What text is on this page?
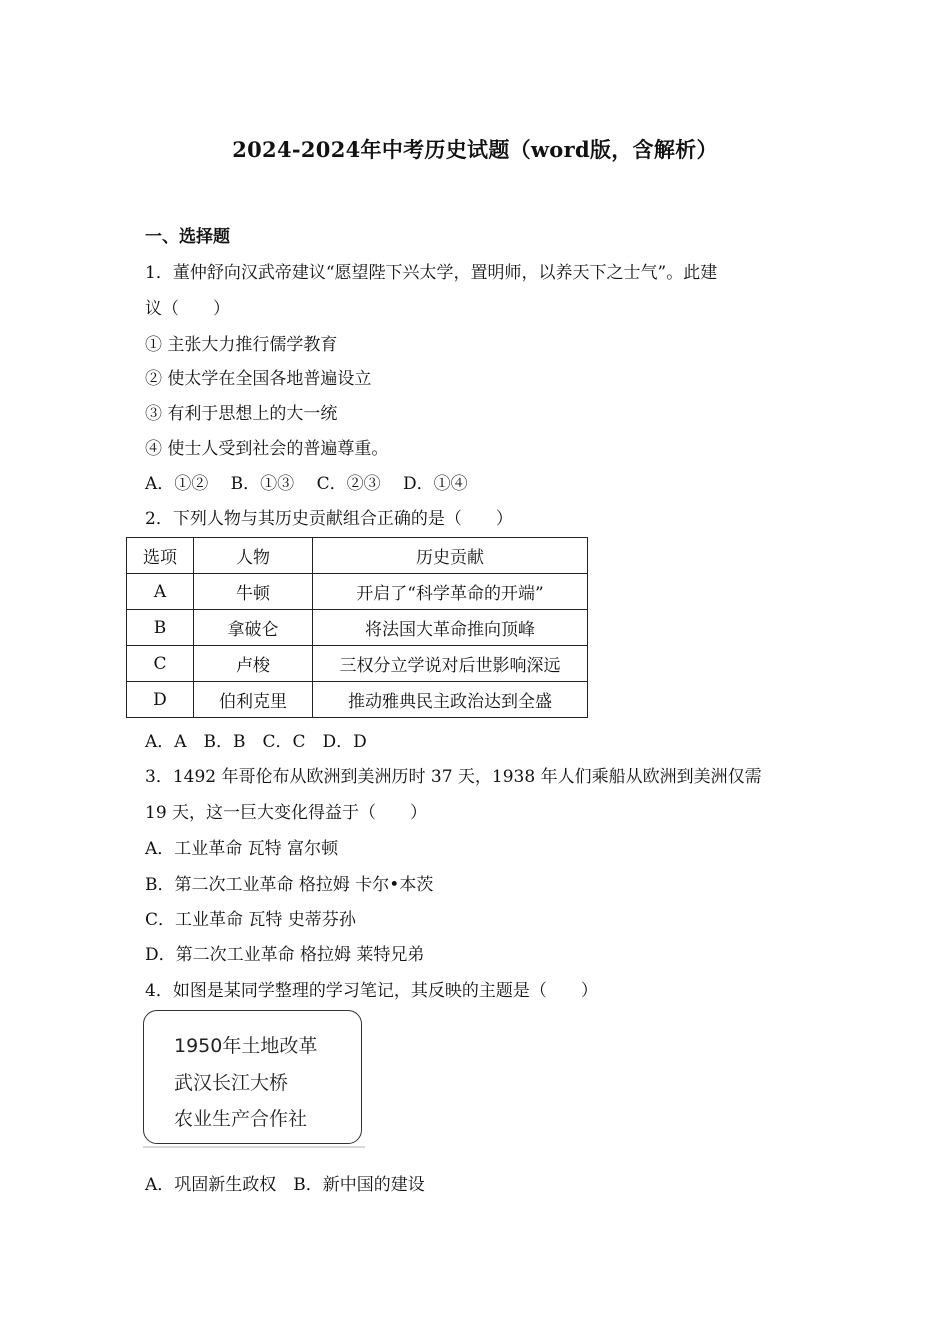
2024-2024年中考历史试题（word版，含解析）
一、选择题
1．董仲舒向汉武帝建议“愿望陛下兴太学，置明师，以养天下之士气”。此建
议（　　）
① 主张大力推行儒学教育
② 使太学在全国各地普遍设立
③ 有利于思想上的大一统
④ 使士人受到社会的普遍尊重。
A．①②　 B．①③　 C．②③　 D．①④
2．下列人物与其历史贡献组合正确的是（　　）
选项	人物	历史贡献
A	牛顿	开启了“科学革命的开端”
B	拿破仑	将法国大革命推向顶峰
C	卢梭	三权分立学说对后世影响深远
D	伯利克里	推动雅典民主政治达到全盛
A．A　B．B　C．C　D．D
3．1492 年哥伦布从欧洲到美洲历时 37 天，1938 年人们乘船从欧洲到美洲仅需
19 天，这一巨大变化得益于（　　）
A．工业革命 瓦特 富尔顿
B．第二次工业革命 格拉姆 卡尔•本茨
C．工业革命 瓦特 史蒂芬孙
D．第二次工业革命 格拉姆 莱特兄弟
4．如图是某同学整理的学习笔记，其反映的主题是（　　）
1950年土地改革
武汉长江大桥
农业生产合作社
A．巩固新生政权　B．新中国的建设
